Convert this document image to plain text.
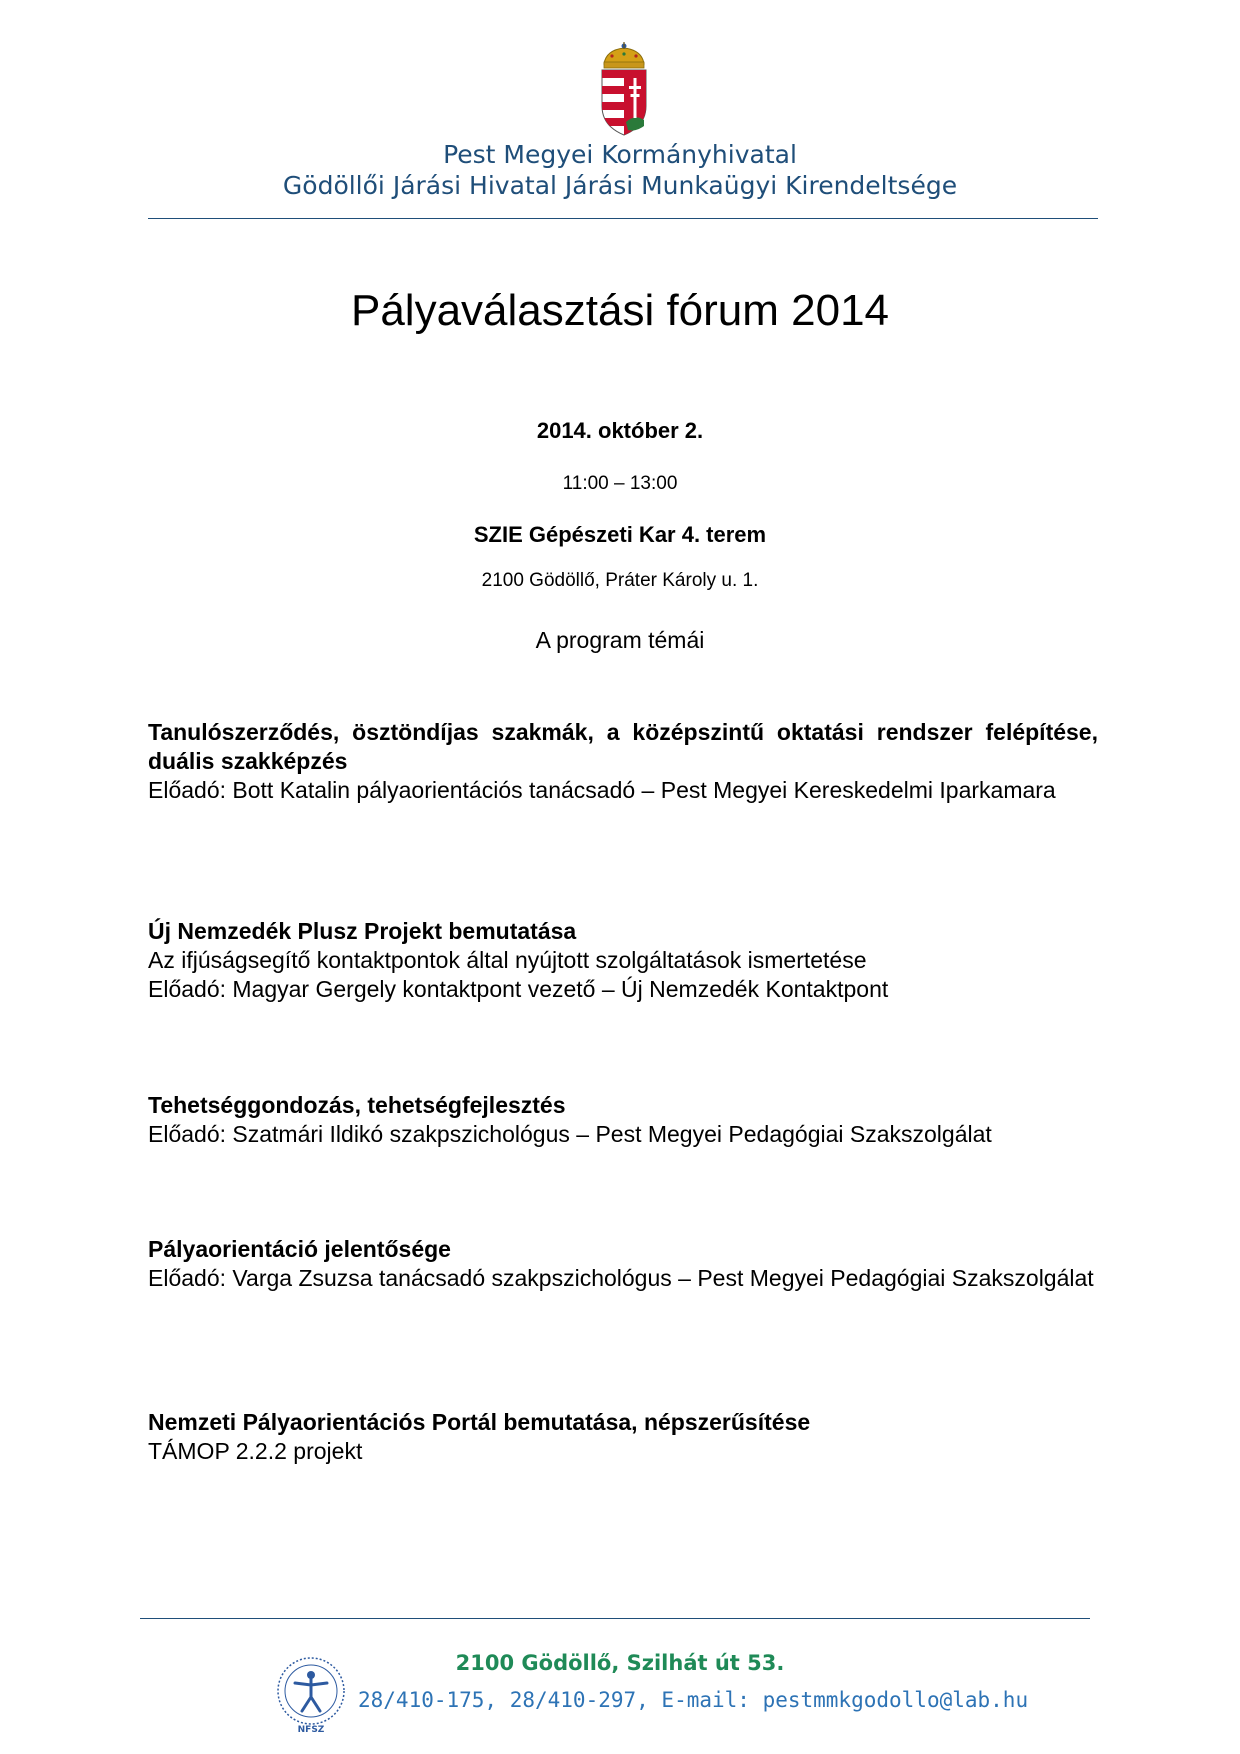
Pest Megyei Kormányhivatal
Gödöllői Járási Hivatal Járási Munkaügyi Kirendeltsége
Pályaválasztási fórum 2014
2014. október 2.
11:00 – 13:00
SZIE Gépészeti Kar 4. terem
2100 Gödöllő, Práter Károly u. 1.
A program témái
Tanulószerződés, ösztöndíjas szakmák, a középszintű oktatási rendszer felépítése, duális szakképzés
Előadó: Bott Katalin pályaorientációs tanácsadó – Pest Megyei Kereskedelmi Iparkamara
Új Nemzedék Plusz Projekt bemutatása
Az ifjúságsegítő kontaktpontok által nyújtott szolgáltatások ismertetése
Előadó: Magyar Gergely kontaktpont vezető – Új Nemzedék Kontaktpont
Tehetséggondozás, tehetségfejlesztés
Előadó: Szatmári Ildikó szakpszichológus – Pest Megyei Pedagógiai Szakszolgálat
Pályaorientáció jelentősége
Előadó: Varga Zsuzsa tanácsadó szakpszichológus – Pest Megyei Pedagógiai Szakszolgálat
Nemzeti Pályaorientációs Portál bemutatása, népszerűsítése
TÁMOP 2.2.2 projekt
NFSZ
2100 Gödöllő, Szilhát út 53.
28/410-175, 28/410-297, E-mail: pestmmkgodollo@lab.hu
